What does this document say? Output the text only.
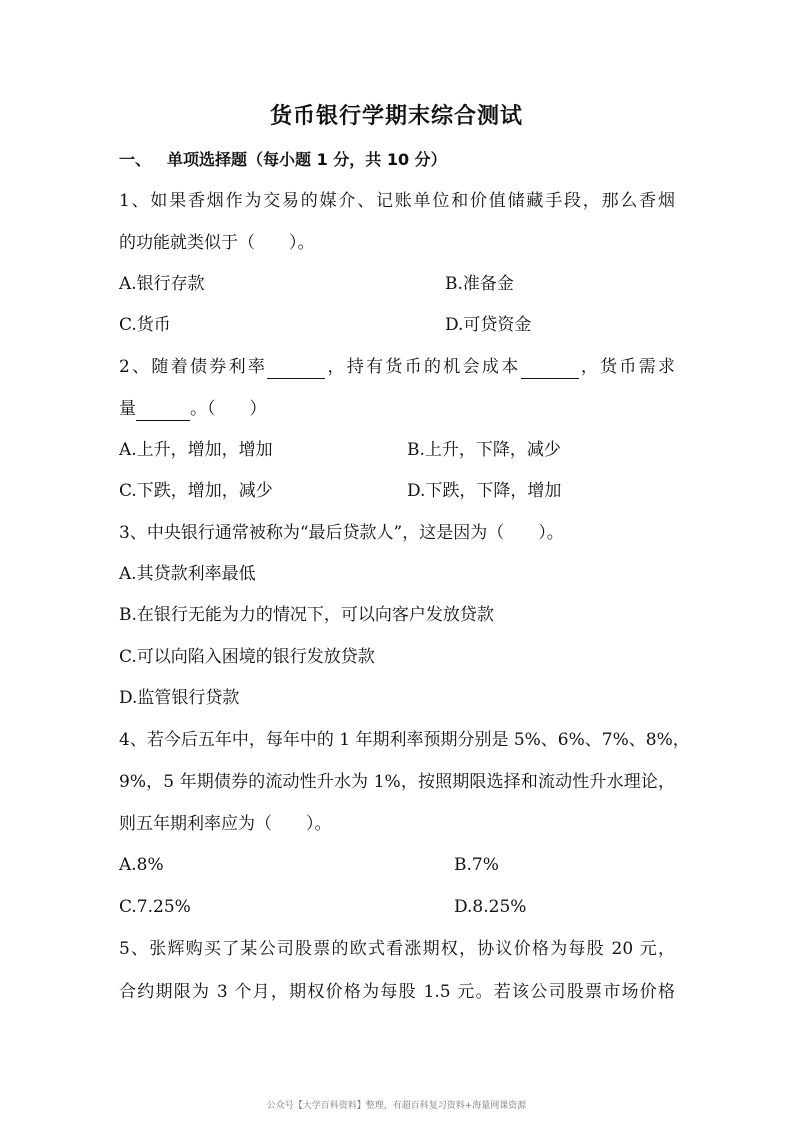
货币银行学期末综合测试
一、 单项选择题（每小题 1 分，共 10 分）
1、如果香烟作为交易的媒介、记账单位和价值储藏手段，那么香烟
的功能就类似于（　　）。
A.银行存款	B.准备金
C.货币	D.可贷资金
2、随着债券利率	，持有货币的机会成本	，货币需求
量	。（　　）
A.上升，增加，增加	B.上升，下降，减少
C.下跌，增加，减少	D.下跌，下降，增加
3、中央银行通常被称为“最后贷款人”，这是因为（　　）。
A.其贷款利率最低
B.在银行无能为力的情况下，可以向客户发放贷款
C.可以向陷入困境的银行发放贷款
D.监管银行贷款
4、若今后五年中，每年中的 1 年期利率预期分别是 5%、6%、7%、8%，
9%，5 年期债券的流动性升水为 1%，按照期限选择和流动性升水理论，
则五年期利率应为（　　）。
A.8%	B.7%
C.7.25%	D.8.25%
5、张辉购买了某公司股票的欧式看涨期权，协议价格为每股 20 元，
合约期限为 3 个月，期权价格为每股 1.5 元。若该公司股票市场价格
公众号【大学百科资料】整理，有超百科复习资料+海量网课资源
